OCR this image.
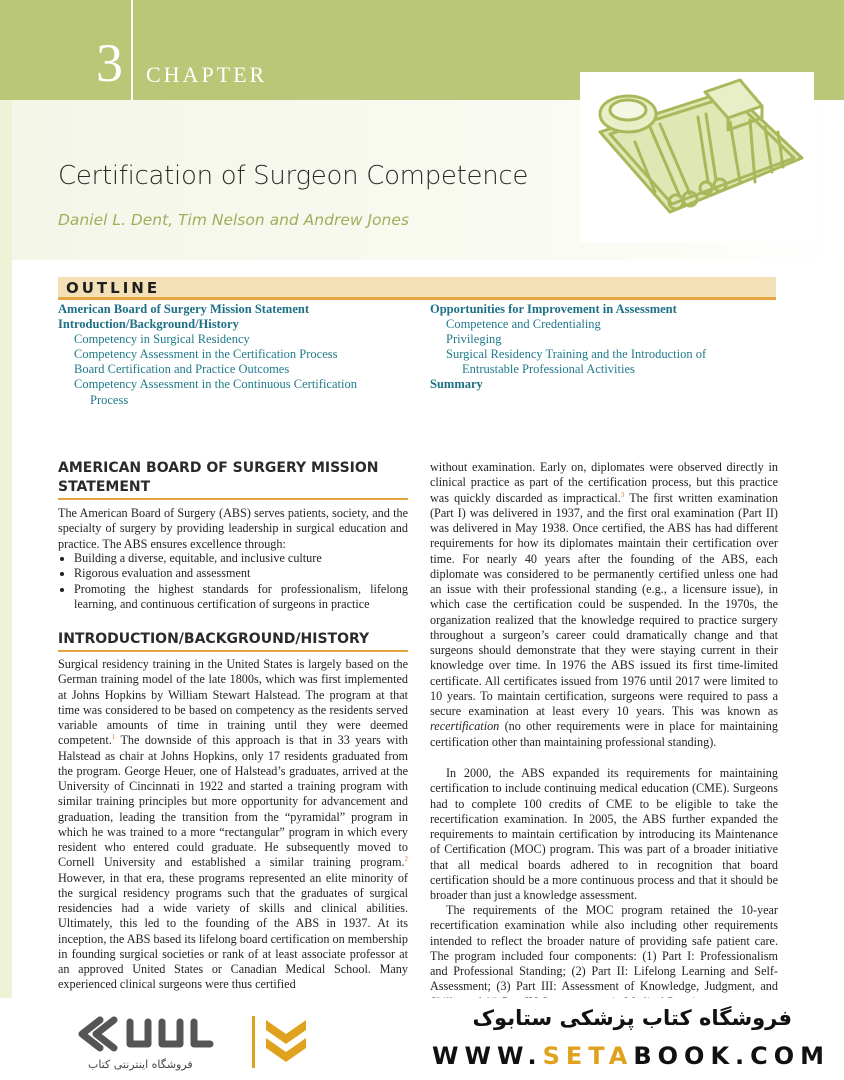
3 CHAPTER
Certification of Surgeon Competence
Daniel L. Dent, Tim Nelson and Andrew Jones
OUTLINE
American Board of Surgery Mission Statement
Introduction/Background/History
Competency in Surgical Residency
Competency Assessment in the Certification Process
Board Certification and Practice Outcomes
Competency Assessment in the Continuous Certification
Process
Opportunities for Improvement in Assessment
Competence and Credentialing
Privileging
Surgical Residency Training and the Introduction of
Entrustable Professional Activities
Summary
AMERICAN BOARD OF SURGERY MISSION
STATEMENT
The American Board of Surgery (ABS) serves patients, society, and the specialty of surgery by providing leadership in surgical education and practice. The ABS ensures excellence through:
• Building a diverse, equitable, and inclusive culture
• Rigorous evaluation and assessment
• Promoting the highest standards for professionalism, lifelong learning, and continuous certification of surgeons in practice
INTRODUCTION/BACKGROUND/HISTORY
Surgical residency training in the United States is largely based on the German training model of the late 1800s, which was first implemented at Johns Hopkins by William Stewart Halstead. The program at that time was considered to be based on competency as the residents served variable amounts of time in training until they were deemed competent.$^1$ The downside of this approach is that in 33 years with Halstead as chair at Johns Hopkins, only 17 residents graduated from the program. George Heuer, one of Halstead’s graduates, arrived at the University of Cincinnati in 1922 and started a training program with similar training principles but more opportunity for advancement and graduation, leading the transition from the “pyramidal” program in which he was trained to a more “rectangular” program in which every resident who entered could graduate. He subsequently moved to Cornell University and established a similar training program.$^2$ However, in that era, these programs represented an elite minority of the surgical residency programs such that the graduates of surgical residencies had a wide variety of skills and clinical abilities. Ultimately, this led to the founding of the ABS in 1937. At its inception, the ABS based its lifelong board certification on membership in founding surgical societies or rank of at least associate professor at an approved United States or Canadian Medical School. Many experienced clinical surgeons were thus certified
without examination. Early on, diplomates were observed directly in clinical practice as part of the certification process, but this practice was quickly discarded as impractical.$^3$ The first written examination (Part I) was delivered in 1937, and the first oral examination (Part II) was delivered in May 1938. Once certified, the ABS has had different requirements for how its diplomates maintain their certification over time. For nearly 40 years after the founding of the ABS, each diplomate was considered to be permanently certified unless one had an issue with their professional standing (e.g., a licensure issue), in which case the certification could be suspended. In the 1970s, the organization realized that the knowledge required to practice surgery throughout a surgeon’s career could dramatically change and that surgeons should demonstrate that they were staying current in their knowledge over time. In 1976 the ABS issued its first time-limited certificate. All certificates issued from 1976 until 2017 were limited to 10 years. To maintain certification, surgeons were required to pass a secure examination at least every 10 years. This was known as recertification (no other requirements were in place for maintaining certification other than maintaining professional standing).
In 2000, the ABS expanded its requirements for maintaining certification to include continuing medical education (CME). Surgeons had to complete 100 credits of CME to be eligible to take the recertification examination. In 2005, the ABS further expanded the requirements to maintain certification by introducing its Maintenance of Certification (MOC) program. This was part of a broader initiative that all medical boards adhered to in recognition that board certification should be a more continuous process and that it should be broader than just a knowledge assessment.
The requirements of the MOC program retained the 10-year recertification examination while also including other requirements intended to reflect the broader nature of providing safe patient care. The program included four components: (1) Part I: Professionalism and Professional Standing; (2) Part II: Lifelong Learning and Self-Assessment; (3) Part III: Assessment of Knowledge, Judgment, and
فروشگاه اینترنتی کتاب
فروشگاه کتاب پزشکی ستابوک
WWW.SETABOOK.COM
